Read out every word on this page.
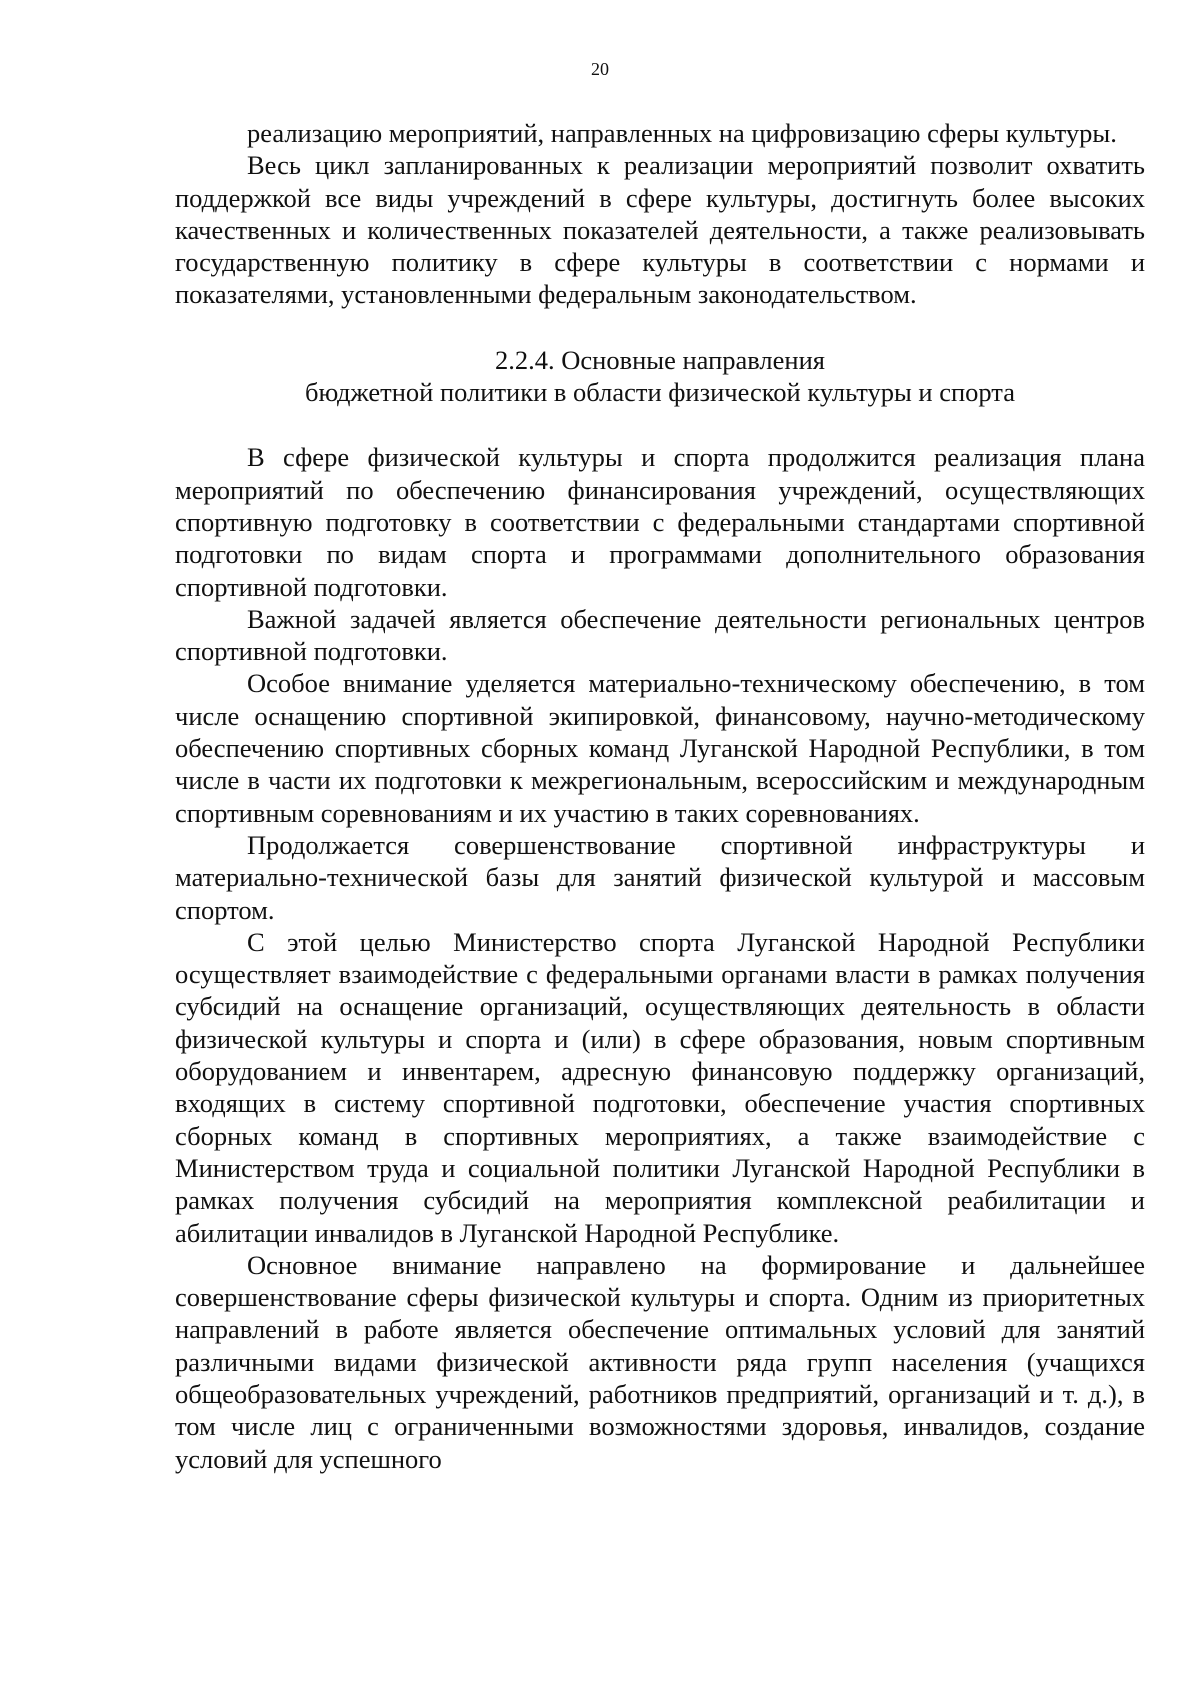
20

реализацию мероприятий, направленных на цифровизацию сферы культуры.

Весь цикл запланированных к реализации мероприятий позволит охватить поддержкой все виды учреждений в сфере культуры, достигнуть более высоких качественных и количественных показателей деятельности, а также реализовывать государственную политику в сфере культуры в соответствии с нормами и показателями, установленными федеральным законодательством.

2.2.4. Основные направления
бюджетной политики в области физической культуры и спорта

В сфере физической культуры и спорта продолжится реализация плана мероприятий по обеспечению финансирования учреждений, осуществляющих спортивную подготовку в соответствии с федеральными стандартами спортивной подготовки по видам спорта и программами дополнительного образования спортивной подготовки.

Важной задачей является обеспечение деятельности региональных центров спортивной подготовки.

Особое внимание уделяется материально-техническому обеспечению, в том числе оснащению спортивной экипировкой, финансовому, научно-методическому обеспечению спортивных сборных команд Луганской Народной Республики, в том числе в части их подготовки к межрегиональным, всероссийским и международным спортивным соревнованиям и их участию в таких соревнованиях.

Продолжается совершенствование спортивной инфраструктуры и материально-технической базы для занятий физической культурой и массовым спортом.

С этой целью Министерство спорта Луганской Народной Республики осуществляет взаимодействие с федеральными органами власти в рамках получения субсидий на оснащение организаций, осуществляющих деятельность в области физической культуры и спорта и (или) в сфере образования, новым спортивным оборудованием и инвентарем, адресную финансовую поддержку организаций, входящих в систему спортивной подготовки, обеспечение участия спортивных сборных команд в спортивных мероприятиях, а также взаимодействие с Министерством труда и социальной политики Луганской Народной Республики в рамках получения субсидий на мероприятия комплексной реабилитации и абилитации инвалидов в Луганской Народной Республике.

Основное внимание направлено на формирование и дальнейшее совершенствование сферы физической культуры и спорта. Одним из приоритетных направлений в работе является обеспечение оптимальных условий для занятий различными видами физической активности ряда групп населения (учащихся общеобразовательных учреждений, работников предприятий, организаций и т. д.), в том числе лиц с ограниченными возможностями здоровья, инвалидов, создание условий для успешного
